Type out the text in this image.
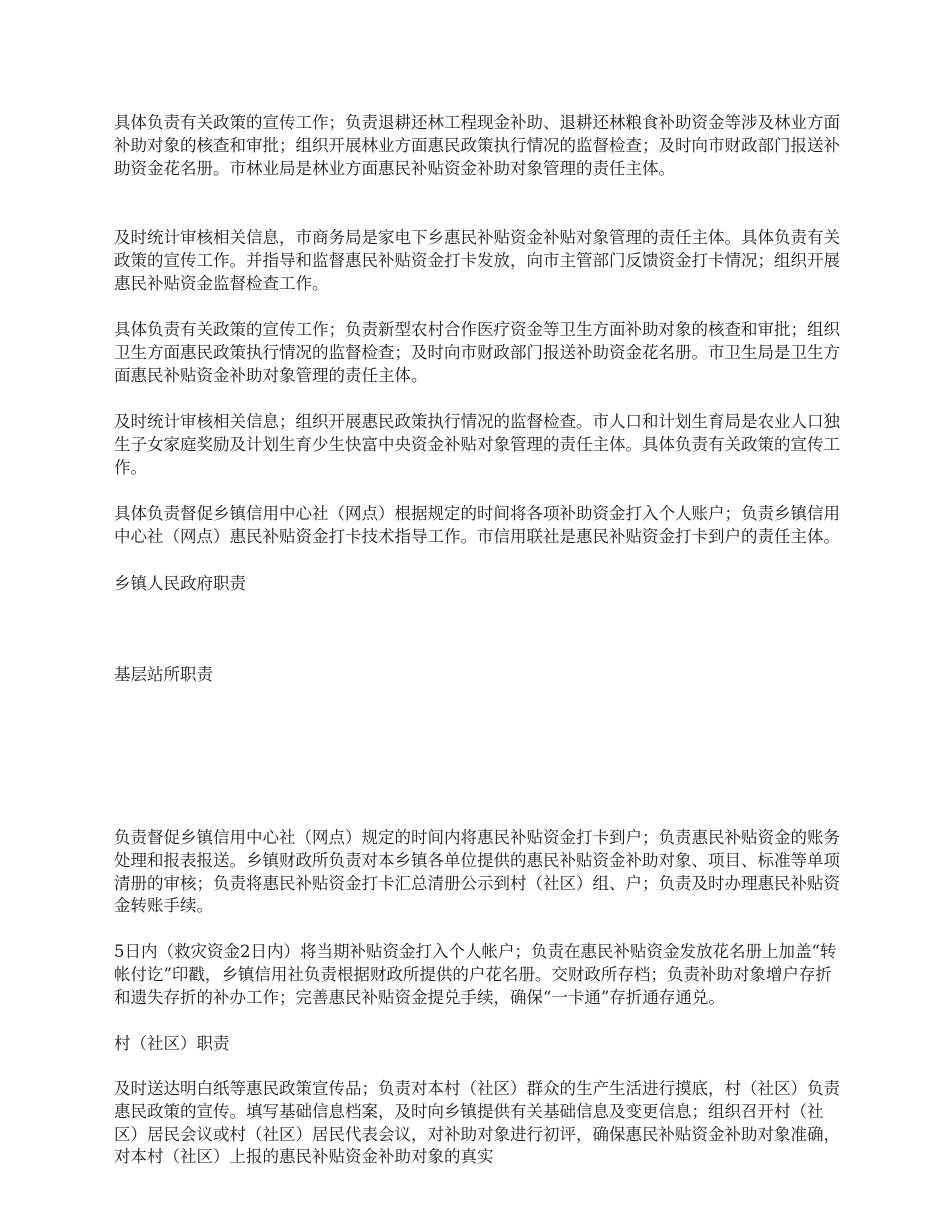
具体负责有关政策的宣传工作；负责退耕还林工程现金补助、退耕还林粮食补助资金等涉及林业方面补助对象的核查和审批；组织开展林业方面惠民政策执行情况的监督检查；及时向市财政部门报送补助资金花名册。市林业局是林业方面惠民补贴资金补助对象管理的责任主体。

及时统计审核相关信息，市商务局是家电下乡惠民补贴资金补贴对象管理的责任主体。具体负责有关政策的宣传工作。并指导和监督惠民补贴资金打卡发放，向市主管部门反馈资金打卡情况；组织开展惠民补贴资金监督检查工作。

具体负责有关政策的宣传工作；负责新型农村合作医疗资金等卫生方面补助对象的核查和审批；组织卫生方面惠民政策执行情况的监督检查；及时向市财政部门报送补助资金花名册。市卫生局是卫生方面惠民补贴资金补助对象管理的责任主体。

及时统计审核相关信息；组织开展惠民政策执行情况的监督检查。市人口和计划生育局是农业人口独生子女家庭奖励及计划生育少生快富中央资金补贴对象管理的责任主体。具体负责有关政策的宣传工作。

具体负责督促乡镇信用中心社（网点）根据规定的时间将各项补助资金打入个人账户；负责乡镇信用中心社（网点）惠民补贴资金打卡技术指导工作。市信用联社是惠民补贴资金打卡到户的责任主体。

乡镇人民政府职责

基层站所职责

负责督促乡镇信用中心社（网点）规定的时间内将惠民补贴资金打卡到户；负责惠民补贴资金的账务处理和报表报送。乡镇财政所负责对本乡镇各单位提供的惠民补贴资金补助对象、项目、标准等单项清册的审核；负责将惠民补贴资金打卡汇总清册公示到村（社区）组、户；负责及时办理惠民补贴资金转账手续。

5日内（救灾资金2日内）将当期补贴资金打入个人帐户；负责在惠民补贴资金发放花名册上加盖“转帐付讫”印戳，乡镇信用社负责根据财政所提供的户花名册。交财政所存档；负责补助对象增户存折和遗失存折的补办工作；完善惠民补贴资金提兑手续，确保“一卡通”存折通存通兑。

村（社区）职责

及时送达明白纸等惠民政策宣传品；负责对本村（社区）群众的生产生活进行摸底，村（社区）负责惠民政策的宣传。填写基础信息档案，及时向乡镇提供有关基础信息及变更信息；组织召开村（社区）居民会议或村（社区）居民代表会议，对补助对象进行初评，确保惠民补贴资金补助对象准确，对本村（社区）上报的惠民补贴资金补助对象的真实
